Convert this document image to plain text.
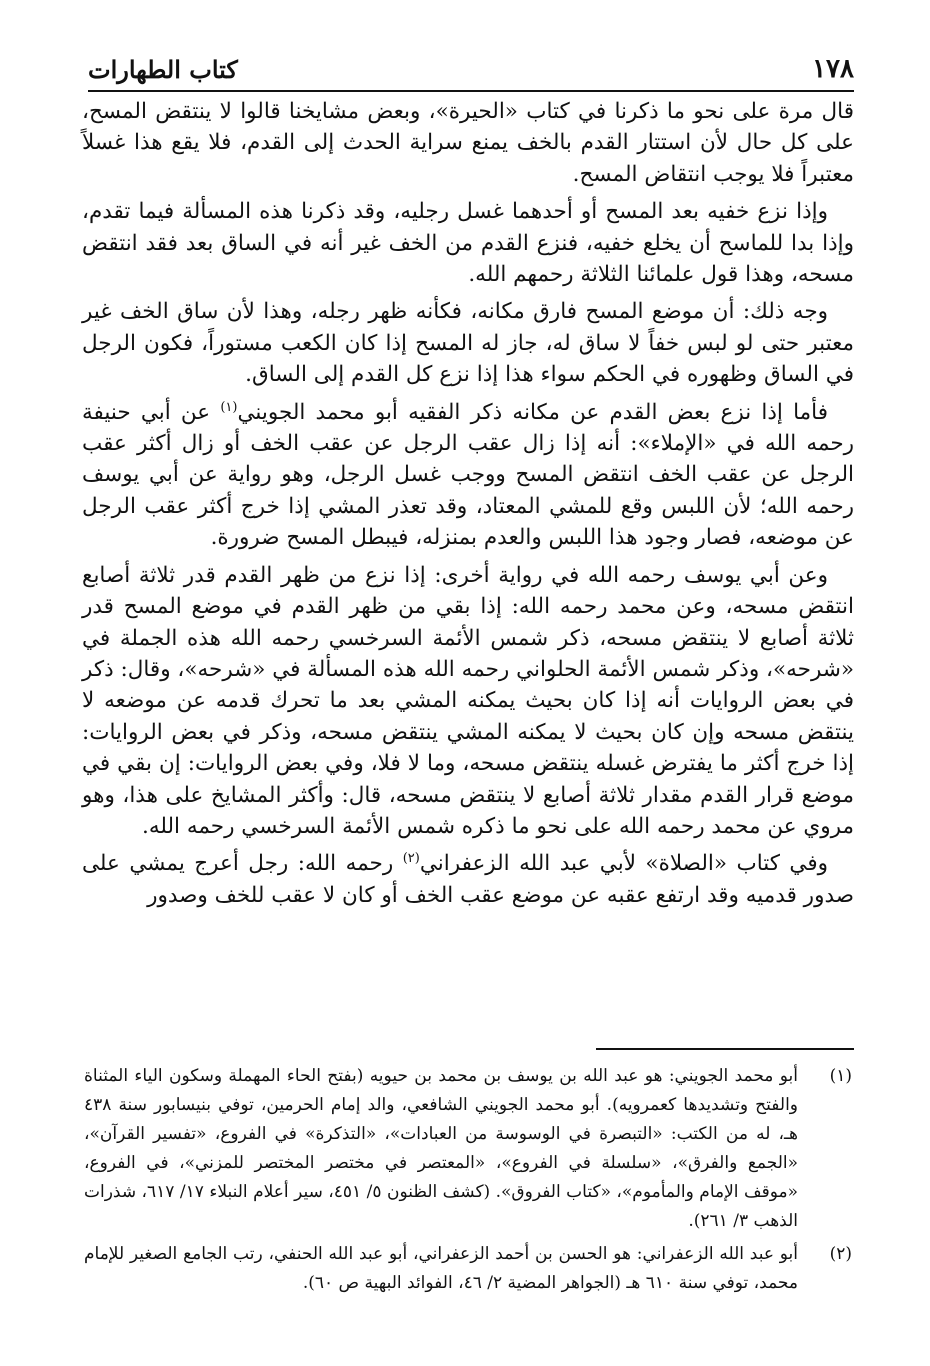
١٧٨
كتاب الطهارات

قال مرة على نحو ما ذكرنا في كتاب «الحيرة»، وبعض مشايخنا قالوا لا ينتقض المسح، على كل حال لأن استتار القدم بالخف يمنع سراية الحدث إلى القدم، فلا يقع هذا غسلاً معتبراً فلا يوجب انتقاض المسح.

وإذا نزع خفيه بعد المسح أو أحدهما غسل رجليه، وقد ذكرنا هذه المسألة فيما تقدم، وإذا بدا للماسح أن يخلع خفيه، فنزع القدم من الخف غير أنه في الساق بعد فقد انتقض مسحه، وهذا قول علمائنا الثلاثة رحمهم الله.

وجه ذلك: أن موضع المسح فارق مكانه، فكأنه ظهر رجله، وهذا لأن ساق الخف غير معتبر حتى لو لبس خفاً لا ساق له، جاز له المسح إذا كان الكعب مستوراً، فكون الرجل في الساق وظهوره في الحكم سواء هذا إذا نزع كل القدم إلى الساق.

فأما إذا نزع بعض القدم عن مكانه ذكر الفقيه أبو محمد الجويني$^{(١)}$ عن أبي حنيفة رحمه الله في «الإملاء»: أنه إذا زال عقب الرجل عن عقب الخف أو زال أكثر عقب الرجل عن عقب الخف انتقض المسح ووجب غسل الرجل، وهو رواية عن أبي يوسف رحمه الله؛ لأن اللبس وقع للمشي المعتاد، وقد تعذر المشي إذا خرج أكثر عقب الرجل عن موضعه، فصار وجود هذا اللبس والعدم بمنزله، فيبطل المسح ضرورة.

وعن أبي يوسف رحمه الله في رواية أخرى: إذا نزع من ظهر القدم قدر ثلاثة أصابع انتقض مسحه، وعن محمد رحمه الله: إذا بقي من ظهر القدم في موضع المسح قدر ثلاثة أصابع لا ينتقض مسحه، ذكر شمس الأئمة السرخسي رحمه الله هذه الجملة في «شرحه»، وذكر شمس الأئمة الحلواني رحمه الله هذه المسألة في «شرحه»، وقال: ذكر في بعض الروايات أنه إذا كان بحيث يمكنه المشي بعد ما تحرك قدمه عن موضعه لا ينتقض مسحه وإن كان بحيث لا يمكنه المشي ينتقض مسحه، وذكر في بعض الروايات: إذا خرج أكثر ما يفترض غسله ينتقض مسحه، وما لا فلا، وفي بعض الروايات: إن بقي في موضع قرار القدم مقدار ثلاثة أصابع لا ينتقض مسحه، قال: وأكثر المشايخ على هذا، وهو مروي عن محمد رحمه الله على نحو ما ذكره شمس الأئمة السرخسي رحمه الله.

وفي كتاب «الصلاة» لأبي عبد الله الزعفراني$^{(٢)}$ رحمه الله: رجل أعرج يمشي على صدور قدميه وقد ارتفع عقبه عن موضع عقب الخف أو كان لا عقب للخف وصدور

(١)
أبو محمد الجويني: هو عبد الله بن يوسف بن محمد بن حيويه (بفتح الحاء المهملة وسكون الياء المثناة والفتح وتشديدها كعمرويه). أبو محمد الجويني الشافعي، والد إمام الحرمين، توفي بنيسابور سنة ٤٣٨ هـ، له من الكتب: «التبصرة في الوسوسة من العبادات»، «التذكرة» في الفروع، «تفسير القرآن»، «الجمع والفرق»، «سلسلة في الفروع»، «المعتصر في مختصر المختصر للمزني»، في الفروع، «موقف الإمام والمأموم»، «كتاب الفروق». (كشف الظنون ٥/ ٤٥١، سير أعلام النبلاء ١٧/ ٦١٧، شذرات الذهب ٣/ ٢٦١).
(٢)
أبو عبد الله الزعفراني: هو الحسن بن أحمد الزعفراني، أبو عبد الله الحنفي، رتب الجامع الصغير للإمام محمد، توفي سنة ٦١٠ هـ (الجواهر المضية ٢/ ٤٦، الفوائد البهية ص ٦٠).
